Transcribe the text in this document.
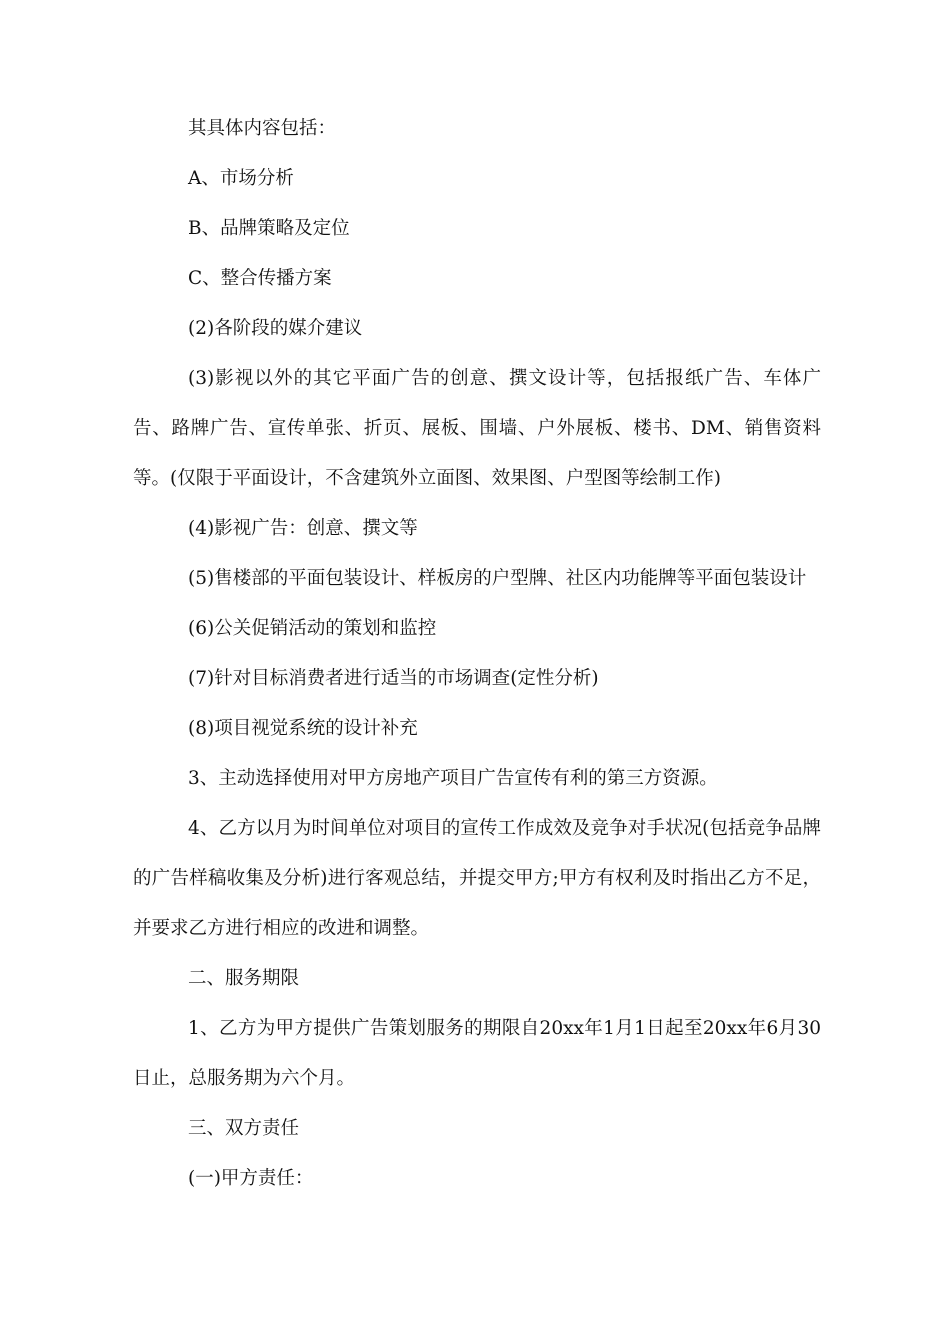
其具体内容包括：

A、市场分析

B、品牌策略及定位

C、整合传播方案

(2)各阶段的媒介建议

(3)影视以外的其它平面广告的创意、撰文设计等，包括报纸广告、车体广告、路牌广告、宣传单张、折页、展板、围墙、户外展板、楼书、DM、销售资料等。(仅限于平面设计，不含建筑外立面图、效果图、户型图等绘制工作)

(4)影视广告：创意、撰文等

(5)售楼部的平面包装设计、样板房的户型牌、社区内功能牌等平面包装设计

(6)公关促销活动的策划和监控

(7)针对目标消费者进行适当的市场调查(定性分析)

(8)项目视觉系统的设计补充

3、主动选择使用对甲方房地产项目广告宣传有利的第三方资源。

4、乙方以月为时间单位对项目的宣传工作成效及竞争对手状况(包括竞争品牌的广告样稿收集及分析)进行客观总结，并提交甲方;甲方有权利及时指出乙方不足，并要求乙方进行相应的改进和调整。

二、服务期限

1、乙方为甲方提供广告策划服务的期限自20xx年1月1日起至20xx年6月30日止，总服务期为六个月。

三、双方责任

(一)甲方责任：
